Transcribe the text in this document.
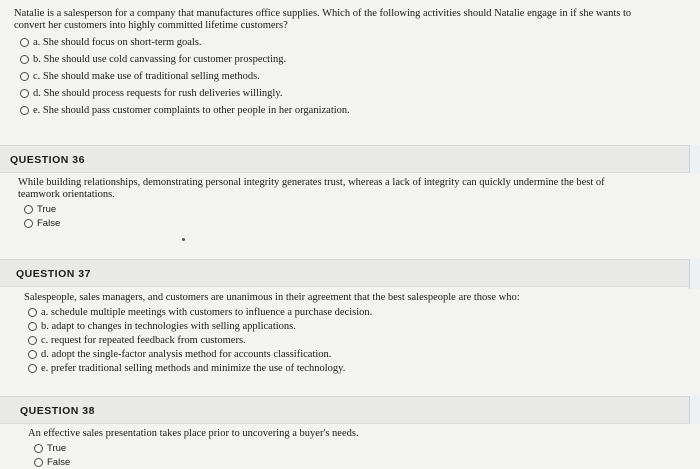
Natalie is a salesperson for a company that manufactures office supplies. Which of the following activities should Natalie engage in if she wants to convert her customers into highly committed lifetime customers?
a. She should focus on short-term goals.
b. She should use cold canvassing for customer prospecting.
c. She should make use of traditional selling methods.
d. She should process requests for rush deliveries willingly.
e. She should pass customer complaints to other people in her organization.
QUESTION 36
While building relationships, demonstrating personal integrity generates trust, whereas a lack of integrity can quickly undermine the best of teamwork orientations.
True
False
QUESTION 37
Salespeople, sales managers, and customers are unanimous in their agreement that the best salespeople are those who:
a. schedule multiple meetings with customers to influence a purchase decision.
b. adapt to changes in technologies with selling applications.
c. request for repeated feedback from customers.
d. adopt the single-factor analysis method for accounts classification.
e. prefer traditional selling methods and minimize the use of technology.
QUESTION 38
An effective sales presentation takes place prior to uncovering a buyer's needs.
True
False
